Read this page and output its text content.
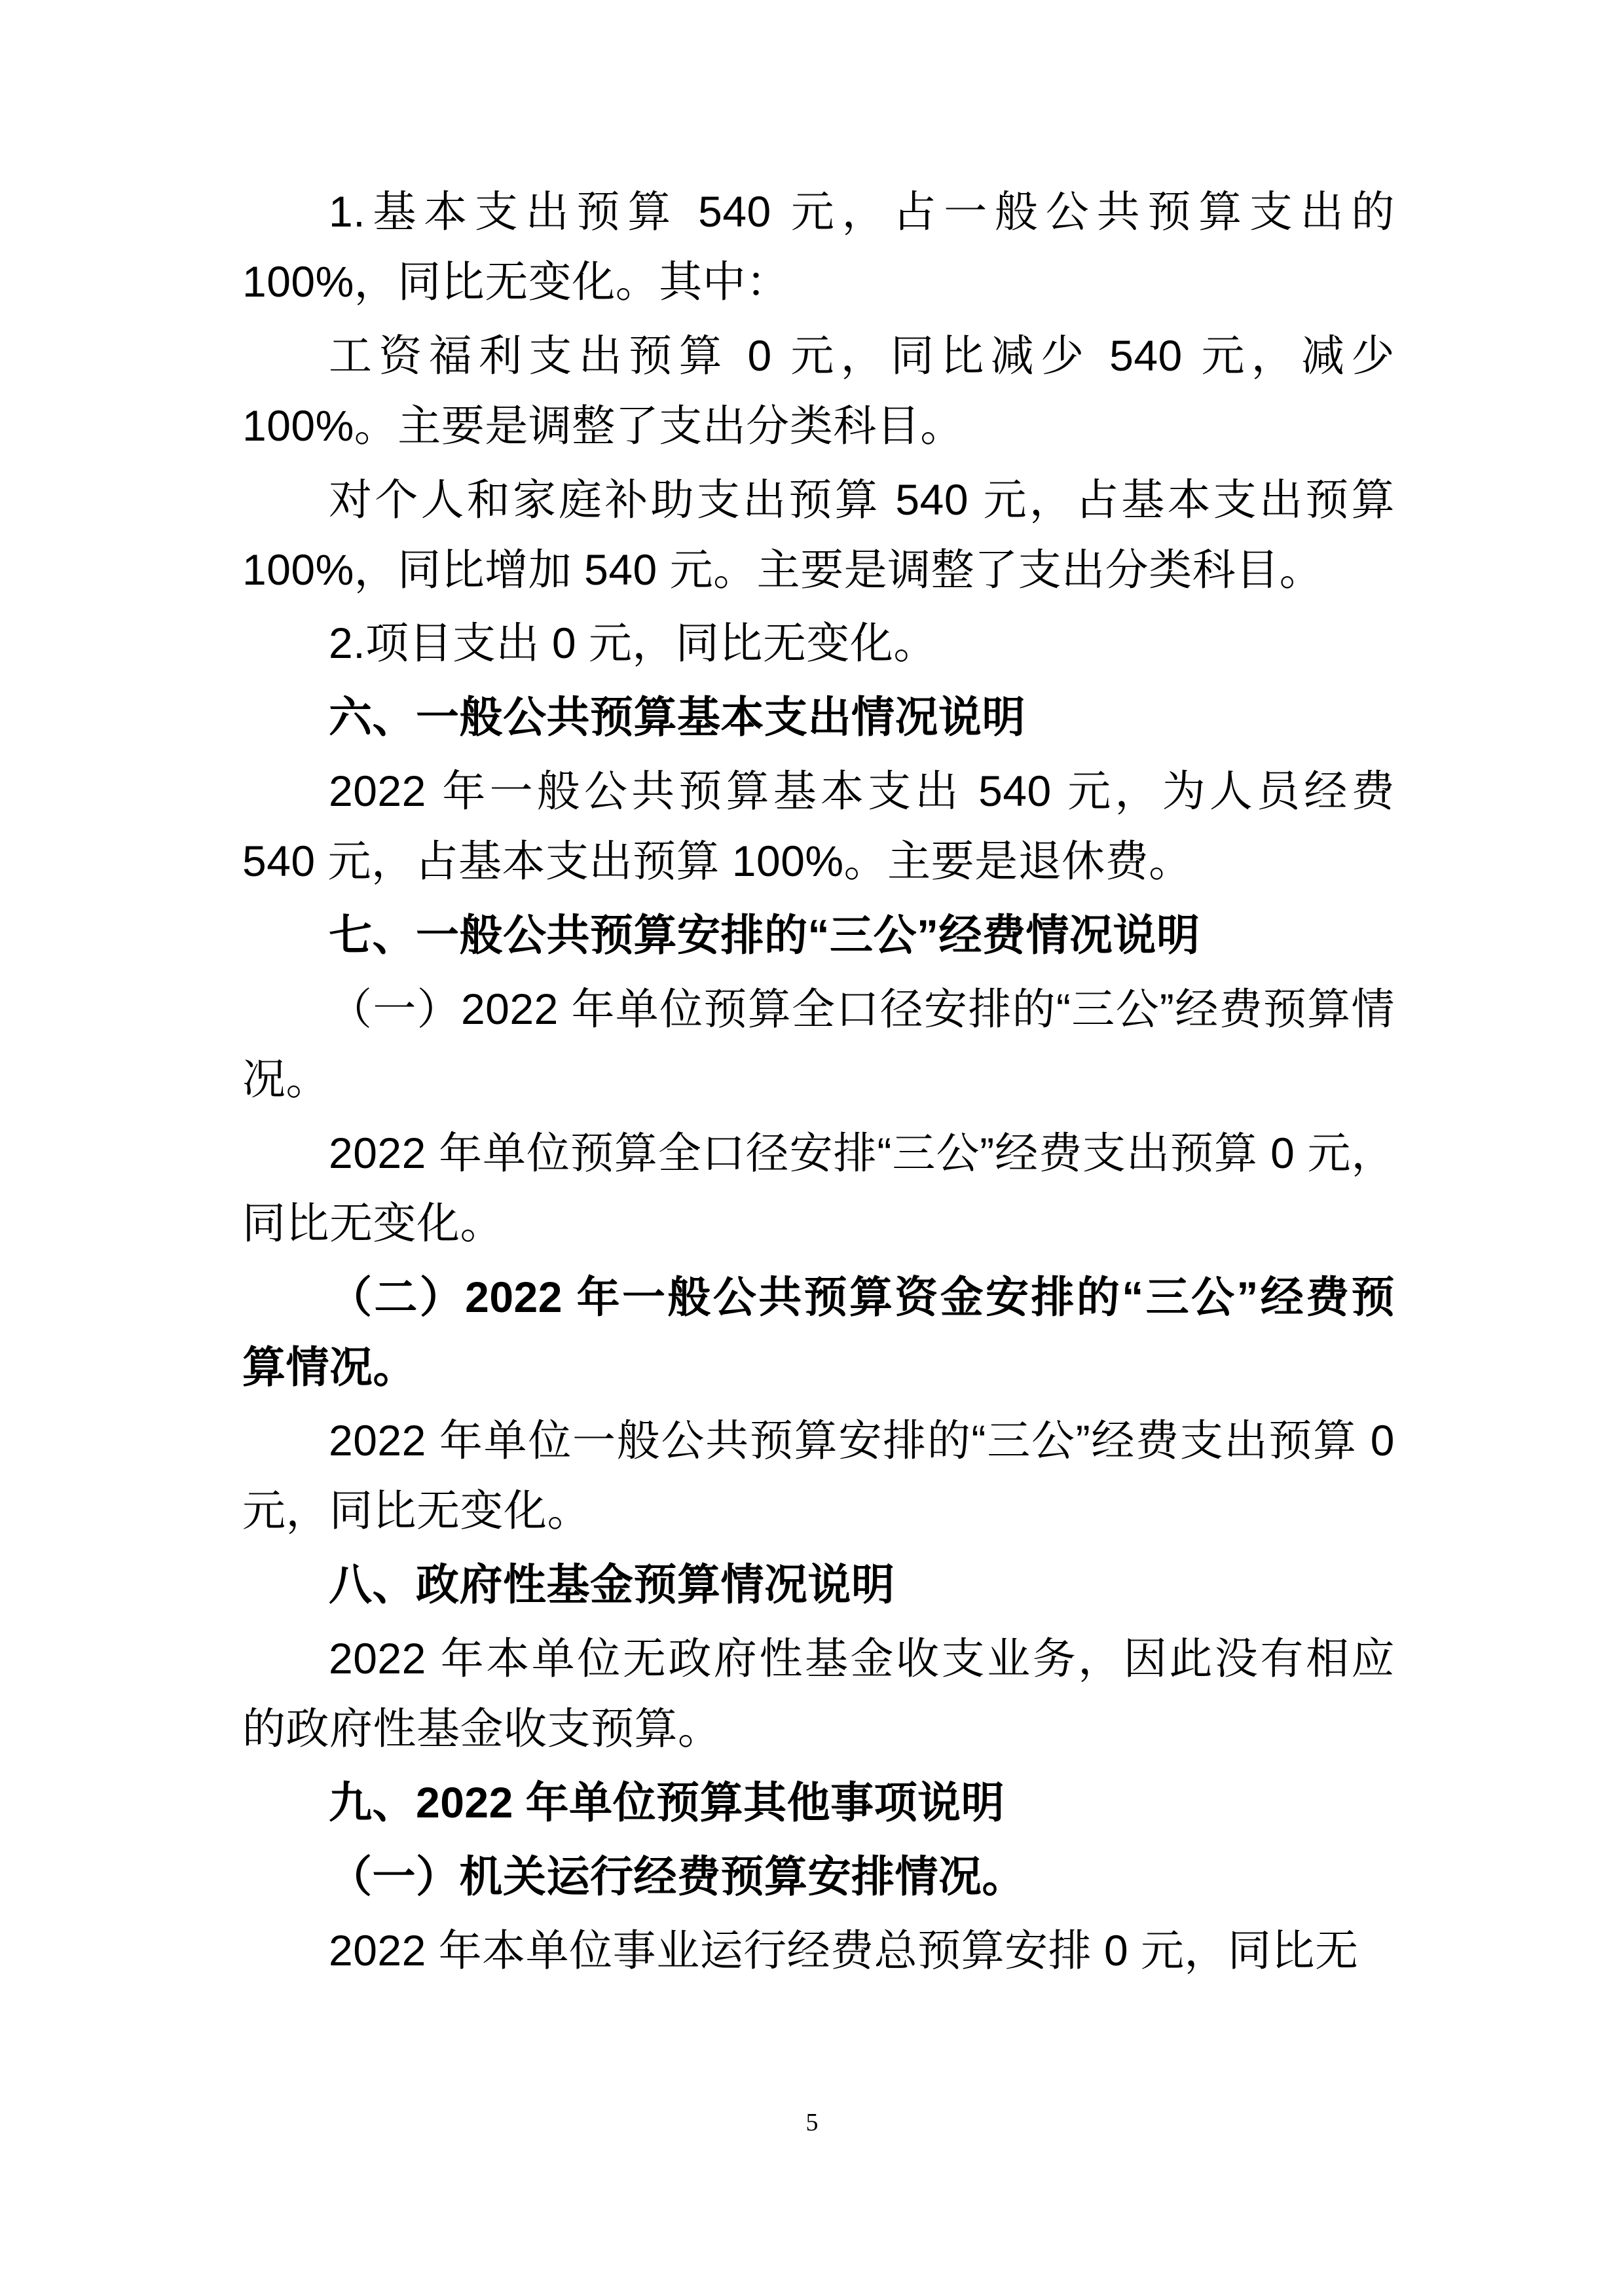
1.基本支出预算 540 元，占一般公共预算支出的 100%，同比无变化。其中：

工资福利支出预算 0 元，同比减少 540 元，减少 100%。主要是调整了支出分类科目。

对个人和家庭补助支出预算 540 元，占基本支出预算 100%，同比增加 540 元。主要是调整了支出分类科目。

2.项目支出 0 元，同比无变化。

六、一般公共预算基本支出情况说明

2022 年一般公共预算基本支出 540 元，为人员经费 540 元，占基本支出预算 100%。主要是退休费。

七、一般公共预算安排的“三公”经费情况说明

（一）2022 年单位预算全口径安排的“三公”经费预算情况。

2022 年单位预算全口径安排“三公”经费支出预算 0 元，同比无变化。

（二）2022 年一般公共预算资金安排的“三公”经费预算情况。

2022 年单位一般公共预算安排的“三公”经费支出预算 0 元，同比无变化。

八、政府性基金预算情况说明

2022 年本单位无政府性基金收支业务，因此没有相应的政府性基金收支预算。

九、2022 年单位预算其他事项说明

（一）机关运行经费预算安排情况。

2022 年本单位事业运行经费总预算安排 0 元，同比无

5
